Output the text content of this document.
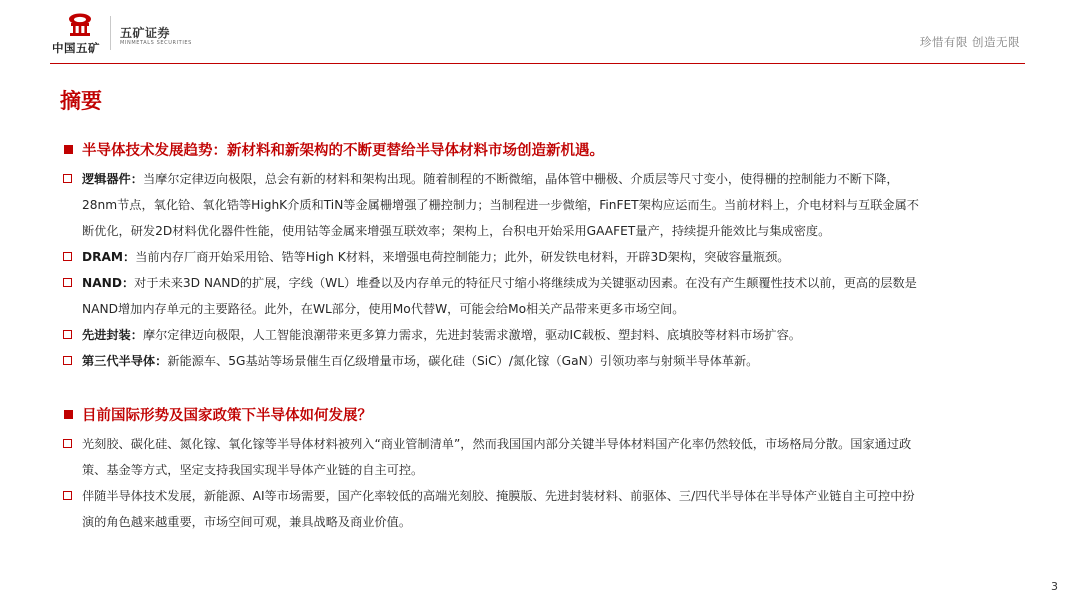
中国五矿
五矿证券
MINMETALS SECURITIES	珍惜有限 创造无限
摘要
半导体技术发展趋势：新材料和新架构的不断更替给半导体材料市场创造新机遇。
逻辑器件：当摩尔定律迈向极限，总会有新的材料和架构出现。随着制程的不断微缩，晶体管中栅极、介质层等尺寸变小，使得栅的控制能力不断下降，
28nm节点，氧化铪、氧化锆等HighK介质和TiN等金属栅增强了栅控制力；当制程进一步微缩，FinFET架构应运而生。当前材料上，介电材料与互联金属不
断优化，研发2D材料优化器件性能，使用钴等金属来增强互联效率；架构上，台积电开始采用GAAFET量产，持续提升能效比与集成密度。
DRAM：当前内存厂商开始采用铪、锆等High K材料，来增强电荷控制能力；此外，研发铁电材料，开辟3D架构，突破容量瓶颈。
NAND：对于未来3D NAND的扩展，字线（WL）堆叠以及内存单元的特征尺寸缩小将继续成为关键驱动因素。在没有产生颠覆性技术以前，更高的层数是
NAND增加内存单元的主要路径。此外，在WL部分，使用Mo代替W，可能会给Mo相关产品带来更多市场空间。
先进封装：摩尔定律迈向极限，人工智能浪潮带来更多算力需求，先进封装需求激增，驱动IC载板、塑封料、底填胶等材料市场扩容。
第三代半导体：新能源车、5G基站等场景催生百亿级增量市场，碳化硅（SiC）/氮化镓（GaN）引领功率与射频半导体革新。
目前国际形势及国家政策下半导体如何发展？
光刻胶、碳化硅、氮化镓、氧化镓等半导体材料被列入“商业管制清单”，然而我国国内部分关键半导体材料国产化率仍然较低，市场格局分散。国家通过政
策、基金等方式，坚定支持我国实现半导体产业链的自主可控。
伴随半导体技术发展，新能源、AI等市场需要，国产化率较低的高端光刻胶、掩膜版、先进封装材料、前驱体、三/四代半导体在半导体产业链自主可控中扮
演的角色越来越重要，市场空间可观，兼具战略及商业价值。
3
